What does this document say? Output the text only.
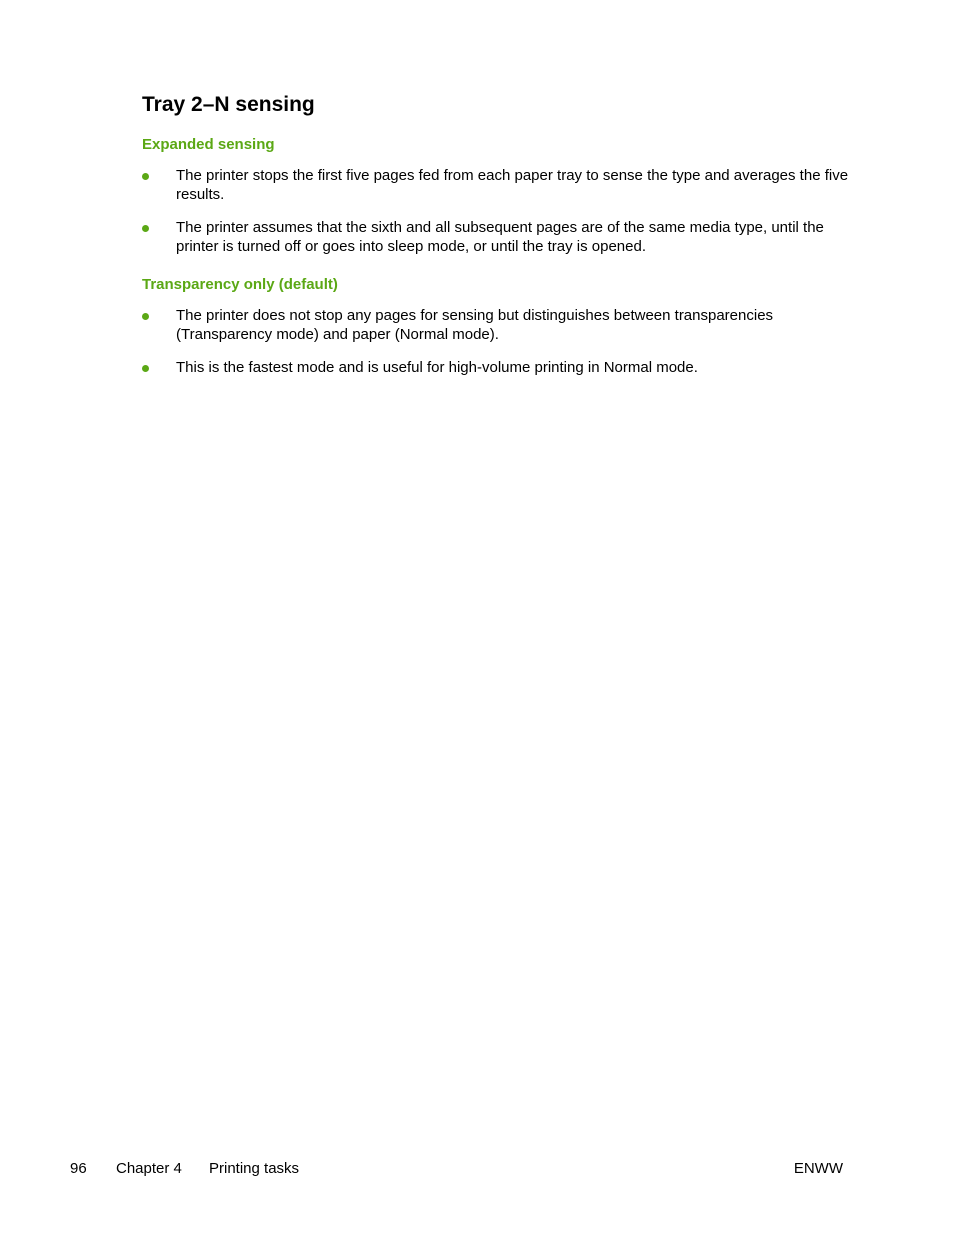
Tray 2–N sensing
Expanded sensing
The printer stops the first five pages fed from each paper tray to sense the type and averages the five results.
The printer assumes that the sixth and all subsequent pages are of the same media type, until the printer is turned off or goes into sleep mode, or until the tray is opened.
Transparency only (default)
The printer does not stop any pages for sensing but distinguishes between transparencies (Transparency mode) and paper (Normal mode).
This is the fastest mode and is useful for high-volume printing in Normal mode.
96 Chapter 4 Printing tasks	ENWW
